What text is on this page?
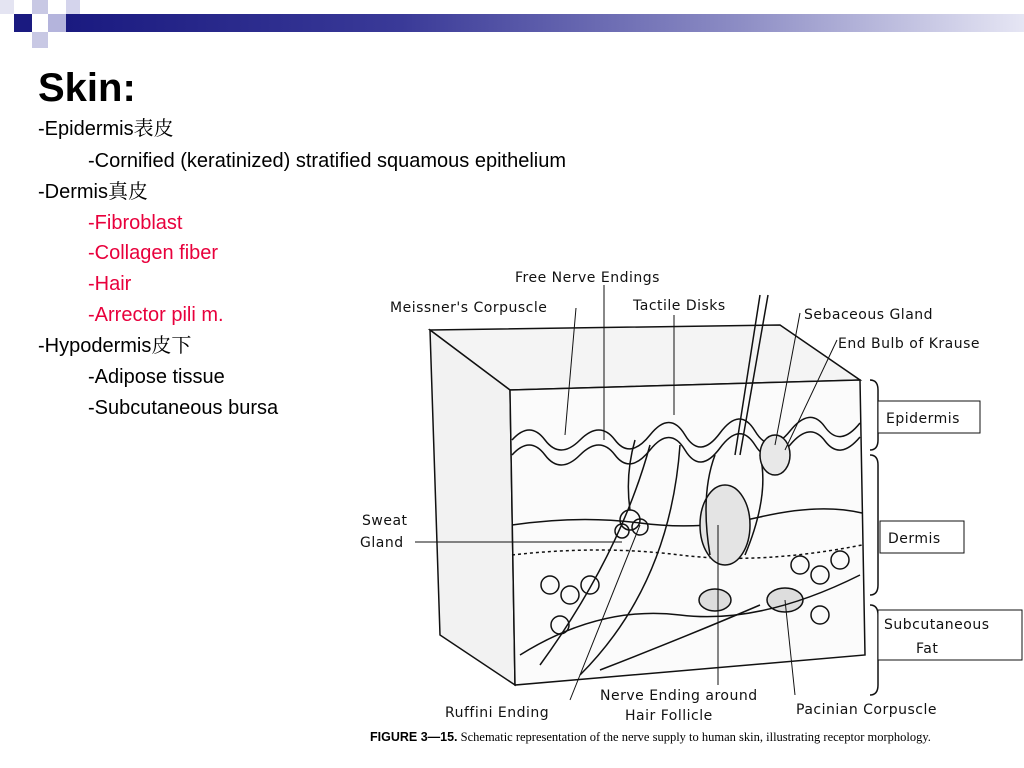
Skin:
-Epidermis表皮
-Cornified (keratinized) stratified squamous epithelium
-Dermis真皮
-Fibroblast
-Collagen fiber
-Hair
-Arrector pili m.
-Hypodermis皮下
-Adipose tissue
-Subcutaneous bursa
Free Nerve Endings
Meissner's Corpuscle	Tactile Disks
Sebaceous Gland
End Bulb of Krause
Sweat
Gland
Ruffini Ending
Nerve Ending around
Hair Follicle	Pacinian Corpuscle
Epidermis
Dermis
Subcutaneous
Fat
FIGURE 3—15. Schematic representation of the nerve supply to human skin, illustrating receptor morphology.
